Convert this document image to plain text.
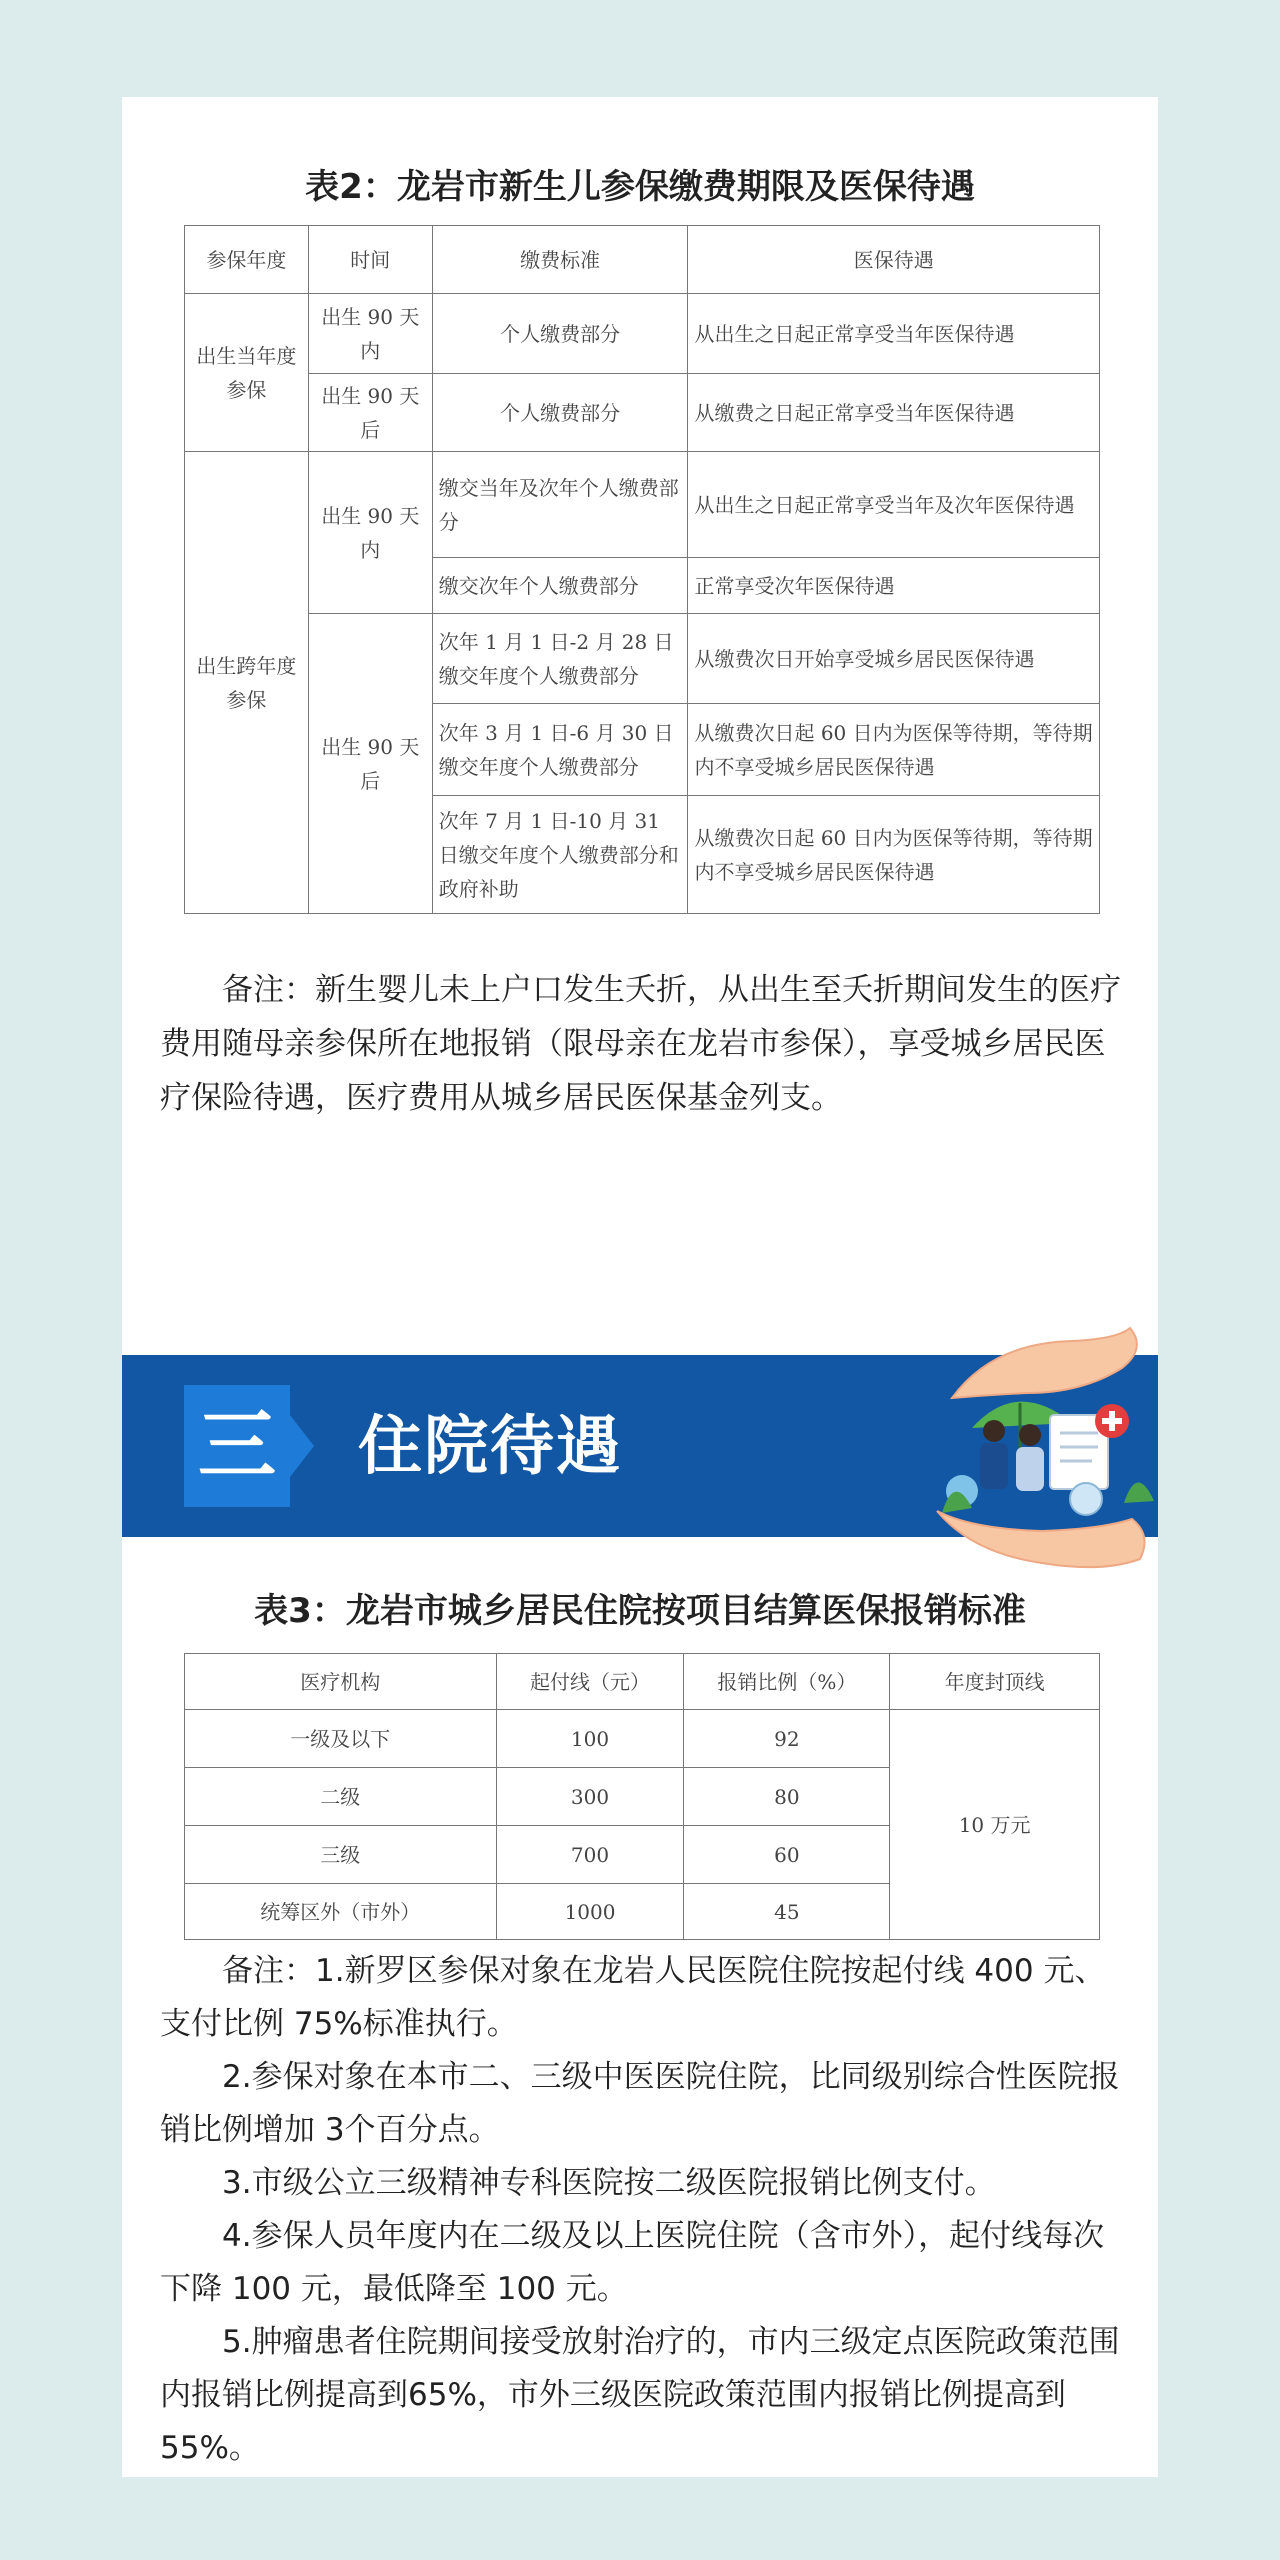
表2：龙岩市新生儿参保缴费期限及医保待遇
参保年度	时间	缴费标准	医保待遇
出生当年度参保	出生 90 天内	个人缴费部分	从出生之日起正常享受当年医保待遇
	出生 90 天后	个人缴费部分	从缴费之日起正常享受当年医保待遇
出生跨年度参保	出生 90 天内	缴交当年及次年个人缴费部分	从出生之日起正常享受当年及次年医保待遇
		缴交次年个人缴费部分	正常享受次年医保待遇
	出生 90 天后	次年 1 月 1 日-2 月 28 日缴交年度个人缴费部分	从缴费次日开始享受城乡居民医保待遇
		次年 3 月 1 日-6 月 30 日缴交年度个人缴费部分	从缴费次日起 60 日内为医保等待期，等待期内不享受城乡居民医保待遇
		次年 7 月 1 日-10 月 31 日缴交年度个人缴费部分和政府补助	从缴费次日起 60 日内为医保等待期，等待期内不享受城乡居民医保待遇

备注：新生婴儿未上户口发生夭折，从出生至夭折期间发生的医疗费用随母亲参保所在地报销（限母亲在龙岩市参保），享受城乡居民医疗保险待遇，医疗费用从城乡居民医保基金列支。

三 住院待遇
表3：龙岩市城乡居民住院按项目结算医保报销标准
医疗机构	起付线（元）	报销比例（%）	年度封顶线
一级及以下	100	92	10 万元
二级	300	80	
三级	700	60	
统筹区外（市外）	1000	45	

备注：1.新罗区参保对象在龙岩人民医院住院按起付线 400 元、支付比例 75%标准执行。

2.参保对象在本市二、三级中医医院住院，比同级别综合性医院报销比例增加 3个百分点。

3.市级公立三级精神专科医院按二级医院报销比例支付。

4.参保人员年度内在二级及以上医院住院（含市外），起付线每次下降 100 元，最低降至 100 元。

5.肿瘤患者住院期间接受放射治疗的，市内三级定点医院政策范围内报销比例提高到65%，市外三级医院政策范围内报销比例提高到55%。
